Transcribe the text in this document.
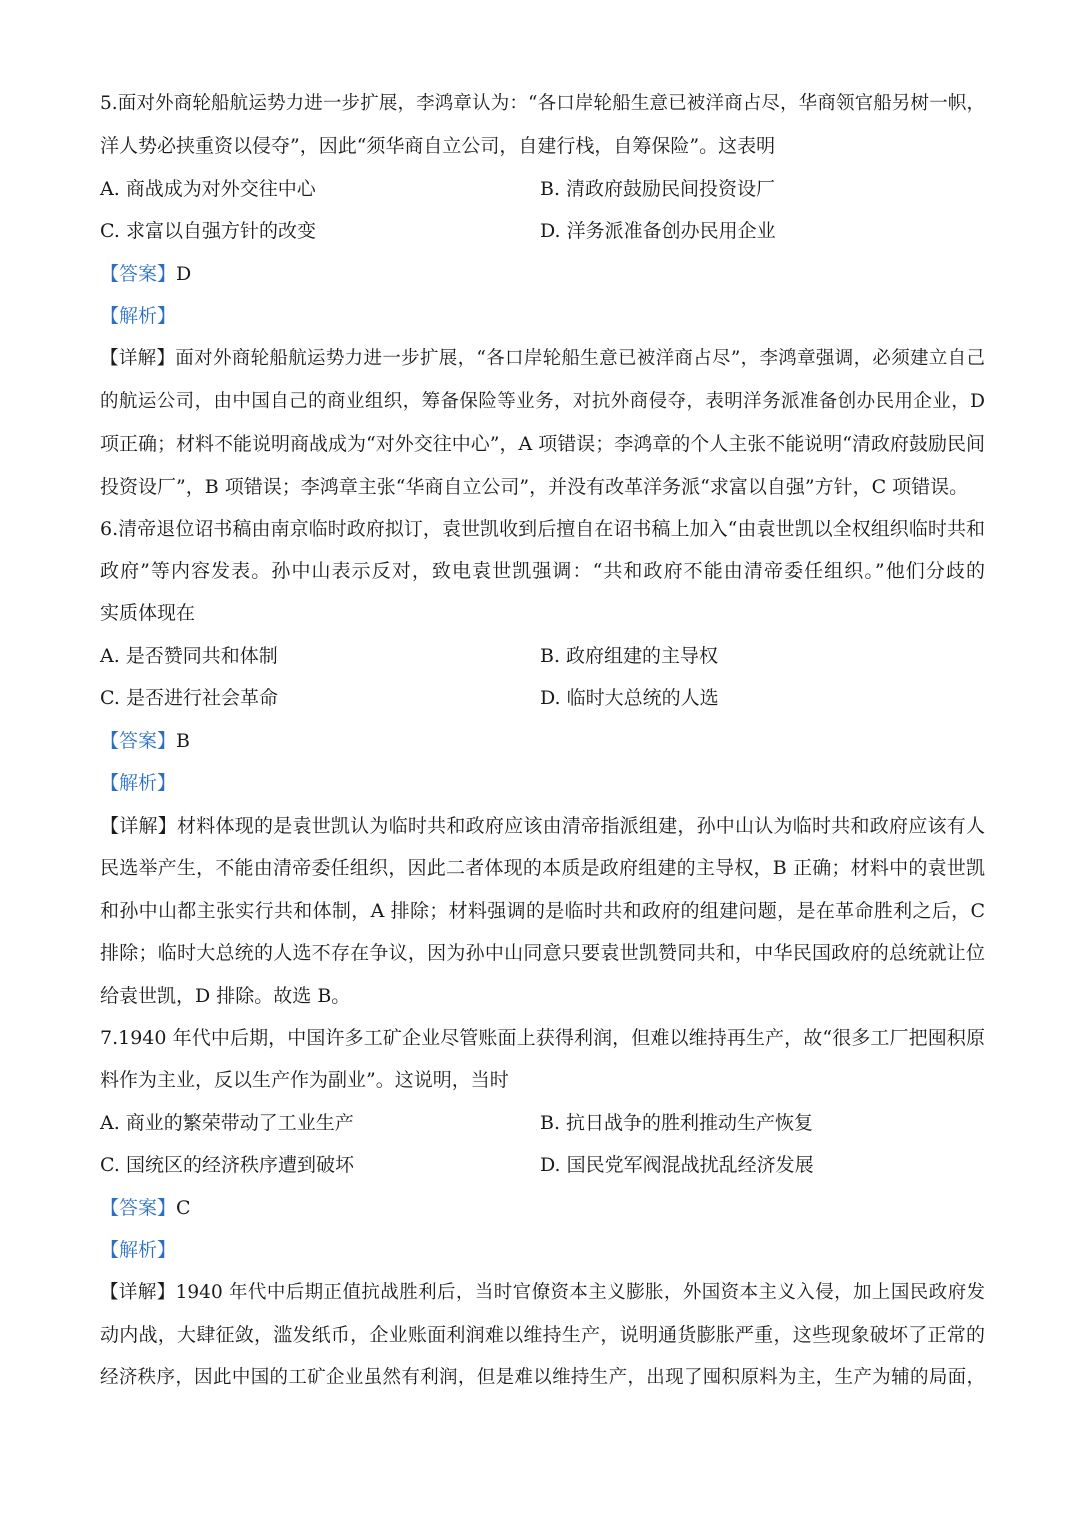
5.面对外商轮船航运势力进一步扩展，李鸿章认为：“各口岸轮船生意已被洋商占尽，华商领官船另树一帜，
洋人势必挟重资以侵夺”，因此“须华商自立公司，自建行栈，自筹保险”。这表明
A. 商战成为对外交往中心	B. 清政府鼓励民间投资设厂
C. 求富以自强方针的改变	D. 洋务派准备创办民用企业
【答案】D
【解析】
【详解】面对外商轮船航运势力进一步扩展，“各口岸轮船生意已被洋商占尽”，李鸿章强调，必须建立自己
的航运公司，由中国自己的商业组织，筹备保险等业务，对抗外商侵夺，表明洋务派准备创办民用企业，D
项正确；材料不能说明商战成为“对外交往中心”，A 项错误；李鸿章的个人主张不能说明“清政府鼓励民间
投资设厂”，B 项错误；李鸿章主张“华商自立公司”，并没有改革洋务派“求富以自强”方针，C 项错误。
6.清帝退位诏书稿由南京临时政府拟订，袁世凯收到后擅自在诏书稿上加入“由袁世凯以全权组织临时共和
政府”等内容发表。孙中山表示反对，致电袁世凯强调：“共和政府不能由清帝委任组织。”他们分歧的
实质体现在
A. 是否赞同共和体制	B. 政府组建的主导权
C. 是否进行社会革命	D. 临时大总统的人选
【答案】B
【解析】
【详解】材料体现的是袁世凯认为临时共和政府应该由清帝指派组建，孙中山认为临时共和政府应该有人
民选举产生，不能由清帝委任组织，因此二者体现的本质是政府组建的主导权，B 正确；材料中的袁世凯
和孙中山都主张实行共和体制，A 排除；材料强调的是临时共和政府的组建问题，是在革命胜利之后，C
排除；临时大总统的人选不存在争议，因为孙中山同意只要袁世凯赞同共和，中华民国政府的总统就让位
给袁世凯，D 排除。故选 B。
7.1940 年代中后期，中国许多工矿企业尽管账面上获得利润，但难以维持再生产，故“很多工厂把囤积原
料作为主业，反以生产作为副业”。这说明，当时
A. 商业的繁荣带动了工业生产	B. 抗日战争的胜利推动生产恢复
C. 国统区的经济秩序遭到破坏	D. 国民党军阀混战扰乱经济发展
【答案】C
【解析】
【详解】1940 年代中后期正值抗战胜利后，当时官僚资本主义膨胀，外国资本主义入侵，加上国民政府发
动内战，大肆征敛，滥发纸币，企业账面利润难以维持生产，说明通货膨胀严重，这些现象破坏了正常的
经济秩序，因此中国的工矿企业虽然有利润，但是难以维持生产，出现了囤积原料为主，生产为辅的局面，
